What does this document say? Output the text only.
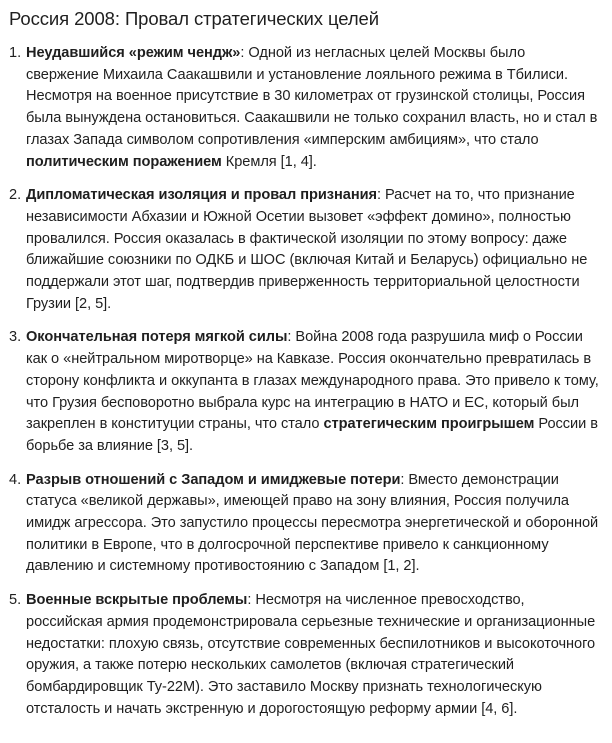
Россия 2008: Провал стратегических целей
1. Неудавшийся «режим чендж»: Одной из негласных целей Москвы было свержение Михаила Саакашвили и установление лояльного режима в Тбилиси. Несмотря на военное присутствие в 30 километрах от грузинской столицы, Россия была вынуждена остановиться. Саакашвили не только сохранил власть, но и стал в глазах Запада символом сопротивления «имперским амбициям», что стало политическим поражением Кремля [1, 4].
2. Дипломатическая изоляция и провал признания: Расчет на то, что признание независимости Абхазии и Южной Осетии вызовет «эффект домино», полностью провалился. Россия оказалась в фактической изоляции по этому вопросу: даже ближайшие союзники по ОДКБ и ШОС (включая Китай и Беларусь) официально не поддержали этот шаг, подтвердив приверженность территориальной целостности Грузии [2, 5].
3. Окончательная потеря мягкой силы: Война 2008 года разрушила миф о России как о «нейтральном миротворце» на Кавказе. Россия окончательно превратилась в сторону конфликта и оккупанта в глазах международного права. Это привело к тому, что Грузия бесповоротно выбрала курс на интеграцию в НАТО и ЕС, который был закреплен в конституции страны, что стало стратегическим проигрышем России в борьбе за влияние [3, 5].
4. Разрыв отношений с Западом и имиджевые потери: Вместо демонстрации статуса «великой державы», имеющей право на зону влияния, Россия получила имидж агрессора. Это запустило процессы пересмотра энергетической и оборонной политики в Европе, что в долгосрочной перспективе привело к санкционному давлению и системному противостоянию с Западом [1, 2].
5. Военные вскрытые проблемы: Несмотря на численное превосходство, российская армия продемонстрировала серьезные технические и организационные недостатки: плохую связь, отсутствие современных беспилотников и высокоточного оружия, а также потерю нескольких самолетов (включая стратегический бомбардировщик Ту-22М). Это заставило Москву признать технологическую отсталость и начать экстренную и дорогостоящую реформу армии [4, 6].
